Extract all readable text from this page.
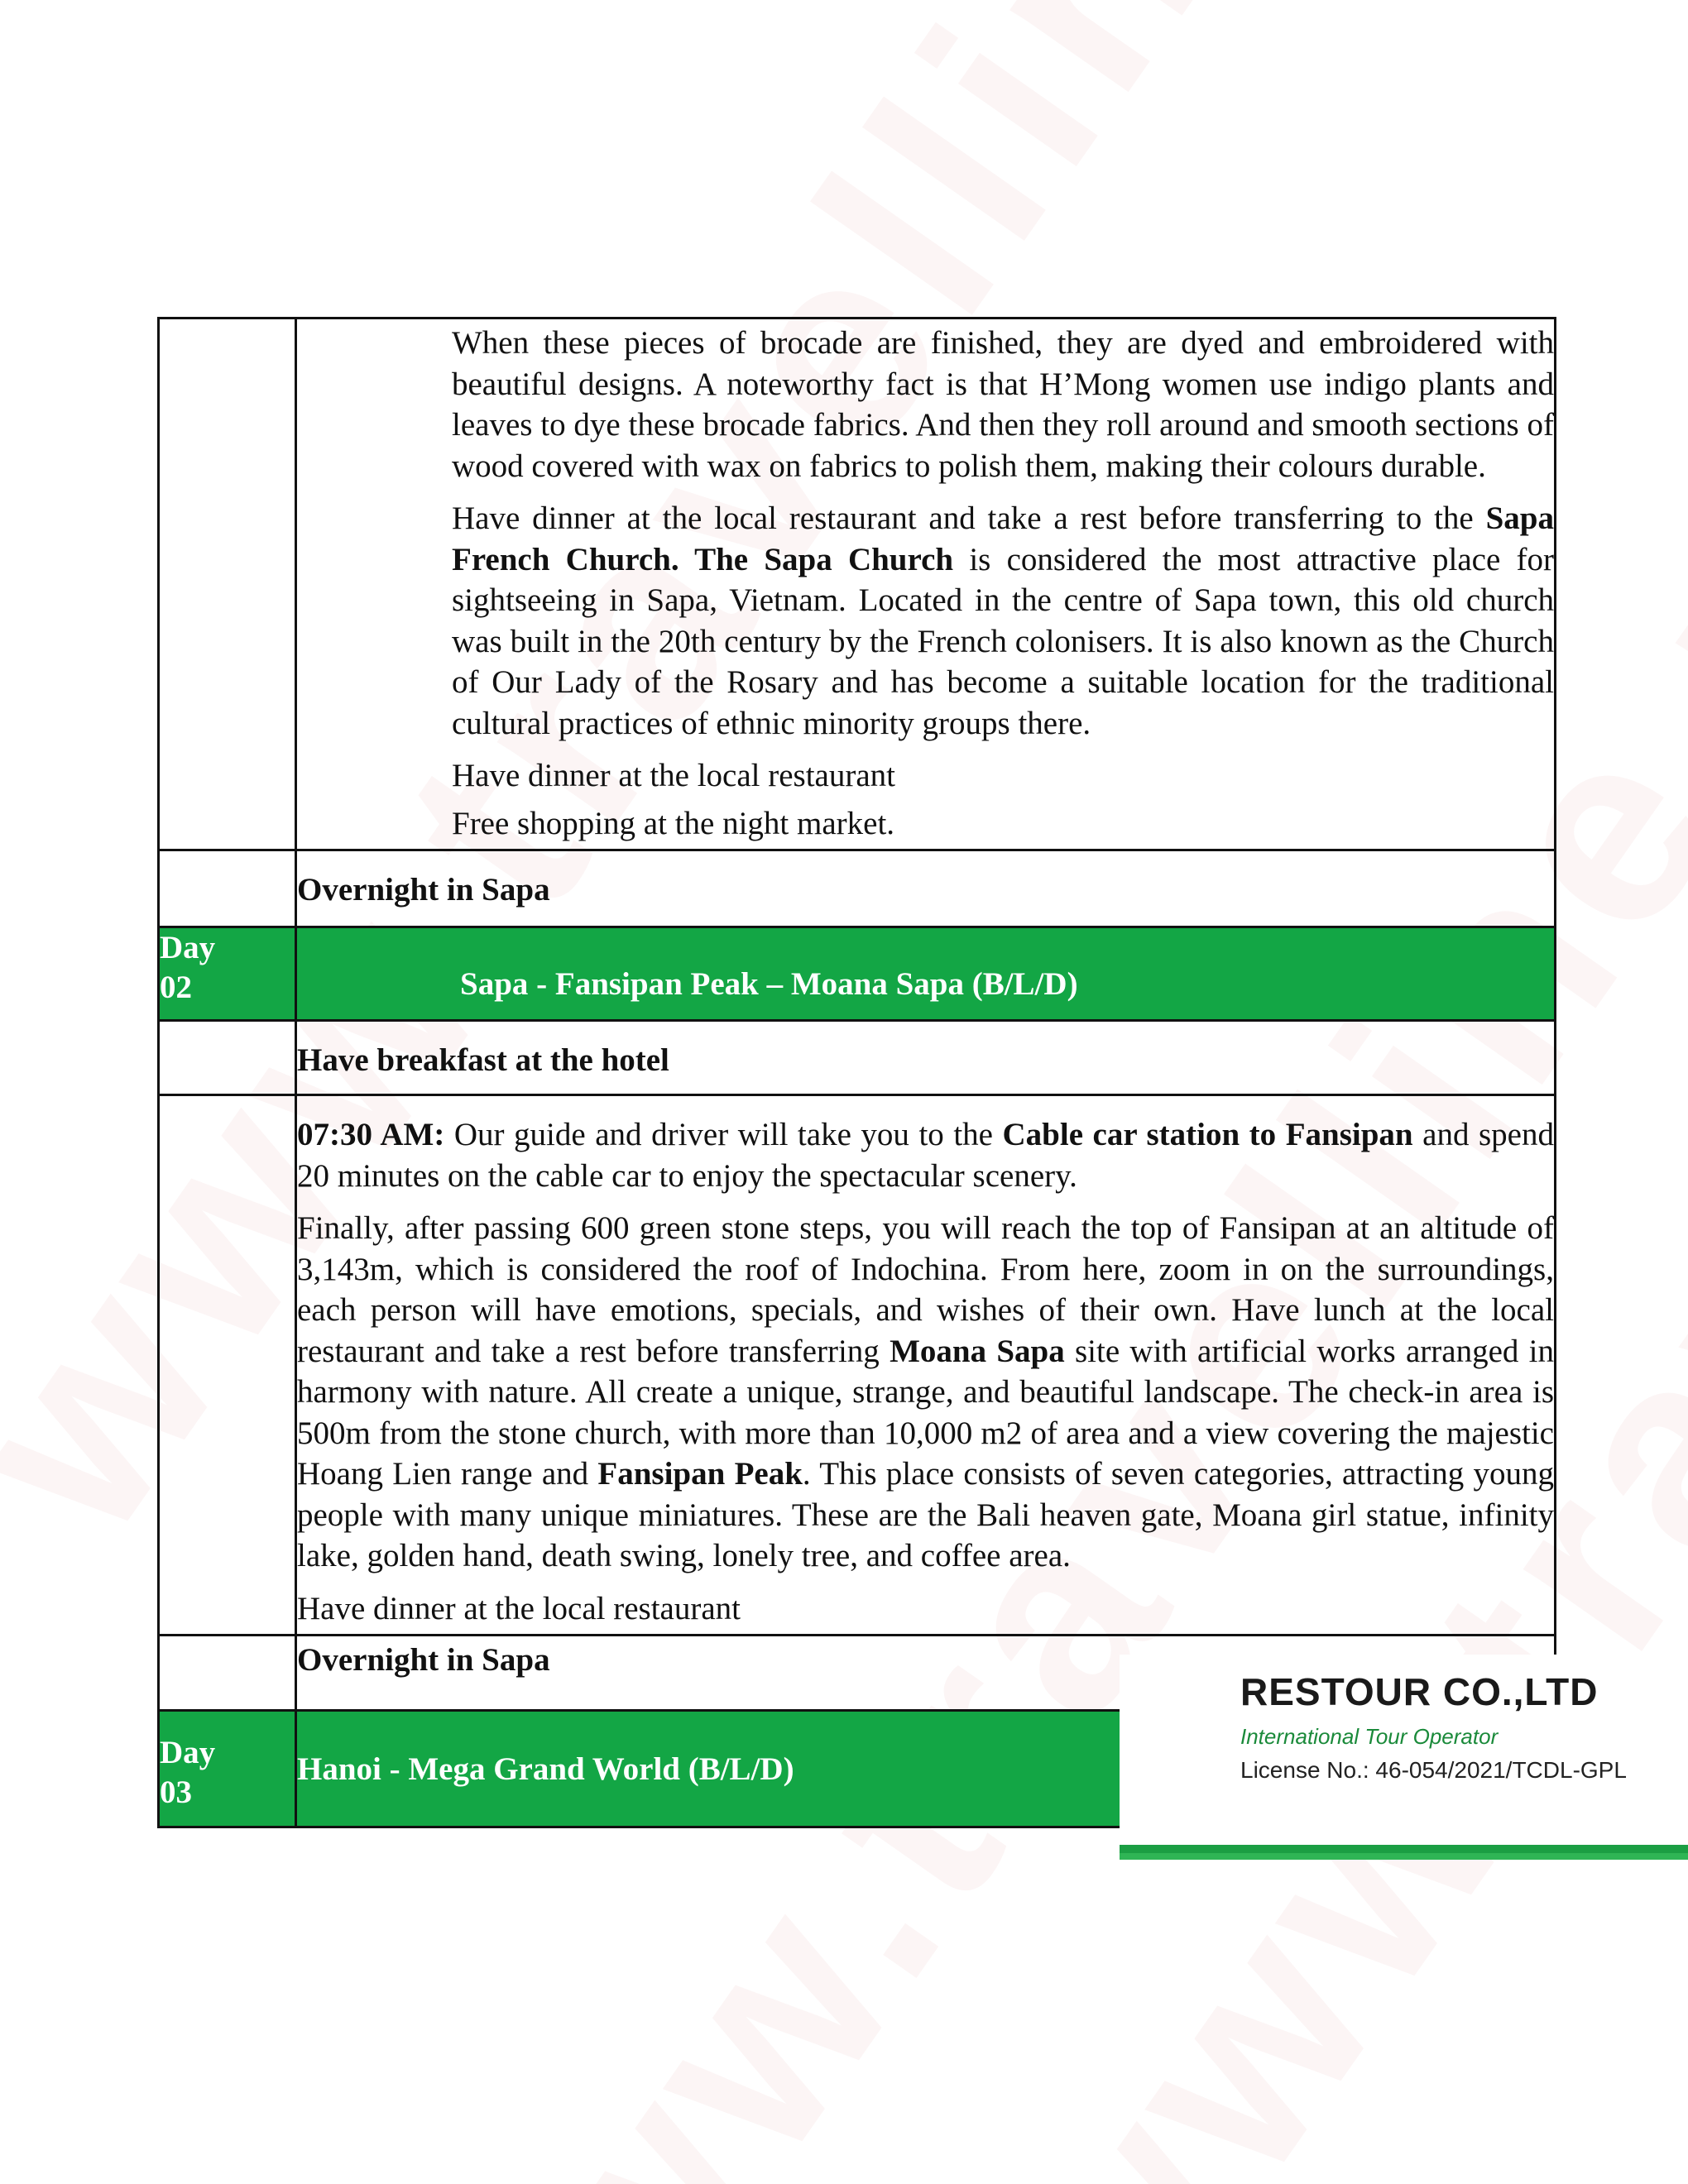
	When these pieces of brocade are finished, they are dyed and embroidered with beautiful designs. A noteworthy fact is that H’Mong women use indigo plants and leaves to dye these brocade fabrics. And then they roll around and smooth sections of wood covered with wax on fabrics to polish them, making their colours durable.

Have dinner at the local restaurant and take a rest before transferring to the Sapa French Church. The Sapa Church is considered the most attractive place for sightseeing in Sapa, Vietnam. Located in the centre of Sapa town, this old church was built in the 20th century by the French colonisers. It is also known as the Church of Our Lady of the Rosary and has become a suitable location for the traditional cultural practices of ethnic minority groups there.

Have dinner at the local restaurant

Free shopping at the night market.

	Overnight in Sapa

Day
02	Sapa - Fansipan Peak – Moana Sapa (B/L/D)

	Have breakfast at the hotel

	07:30 AM: Our guide and driver will take you to the Cable car station to Fansipan and spend 20 minutes on the cable car to enjoy the spectacular scenery.

Finally, after passing 600 green stone steps, you will reach the top of Fansipan at an altitude of 3,143m, which is considered the roof of Indochina. From here, zoom in on the surroundings, each person will have emotions, specials, and wishes of their own. Have lunch at the local restaurant and take a rest before transferring Moana Sapa site with artificial works arranged in harmony with nature. All create a unique, strange, and beautiful landscape. The check-in area is 500m from the stone church, with more than 10,000 m2 of area and a view covering the majestic Hoang Lien range and Fansipan Peak. This place consists of seven categories, attracting young people with many unique miniatures. These are the Bali heaven gate, Moana girl statue, infinity lake, golden hand, death swing, lonely tree, and coffee area.

Have dinner at the local restaurant

	Overnight in Sapa

Day
03	Hanoi - Mega Grand World (B/L/D)
RESTOUR CO.,LTD
International Tour Operator
License No.: 46-054/2021/TCDL-GPL
